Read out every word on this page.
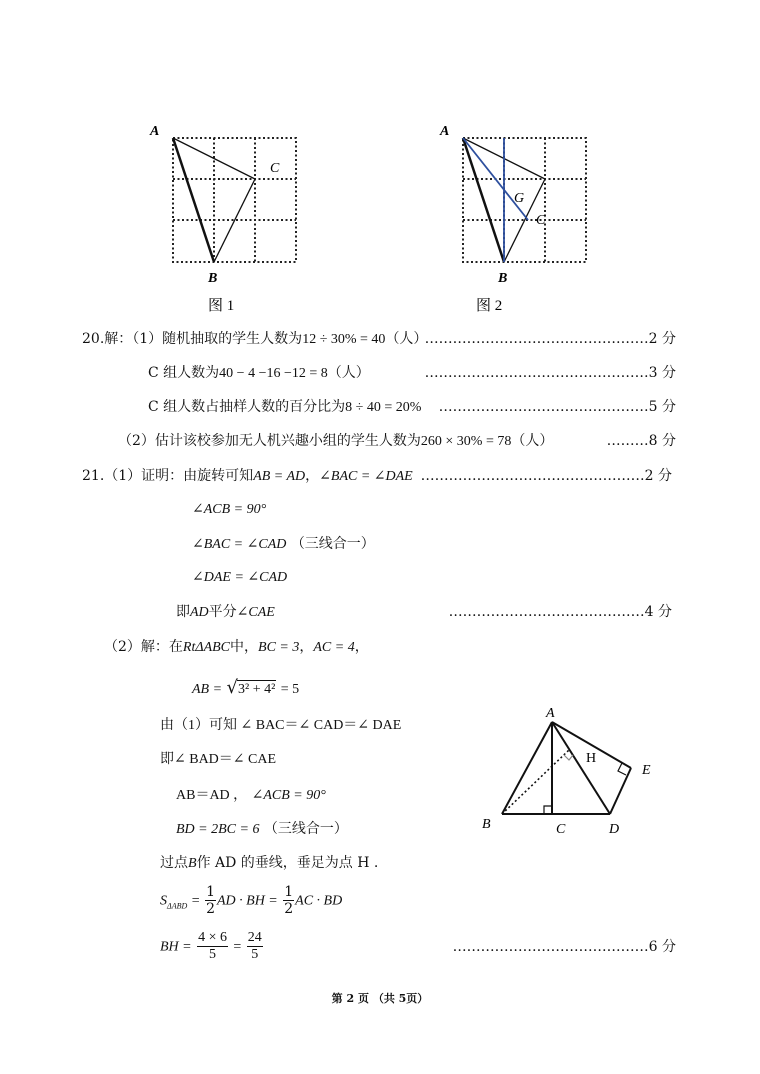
A
C
B
图 1
A
G
C
B
图 2
20.解：（1）随机抽取的学生人数为12 ÷ 30% = 40（人）
…………………………………………2 分
C 组人数为40 − 4 −16 −12 = 8（人）	…………………………………………3 分
C 组人数占抽样人数的百分比为8 ÷ 40 = 20% ………………………………………5 分
（2）估计该校参加无人机兴趣小组的学生人数为260 × 30% = 78（人）	………8 分
21.（1）证明：由旋转可知AB = AD，∠BAC = ∠DAE …………………………………………2 分
∠ACB = 90°
∠BAC = ∠CAD （三线合一）
∠DAE = ∠CAD
即AD平分∠CAE	……………………………………4 分
（2）解：在RtΔABC中，BC = 3，AC = 4，
AB = √3² + 4² = 5
由（1）可知 ∠ BAC＝∠ CAD＝∠ DAE
即∠ BAD＝∠ CAE
AB＝AD ， ∠ACB = 90°
BD = 2BC = 6 （三线合一）
过点B作 AD 的垂线，垂足为点 H .
$S_{\Delta ABD} = \frac{1}{2}$ AD · BH = $\frac{1}{2}$ AC · BD
BH = $\frac{4 \times 6}{5} = \frac{24}{5}$	……………………………………6 分
A
H
E
B	C	D
第 2 页 （共 5页）
